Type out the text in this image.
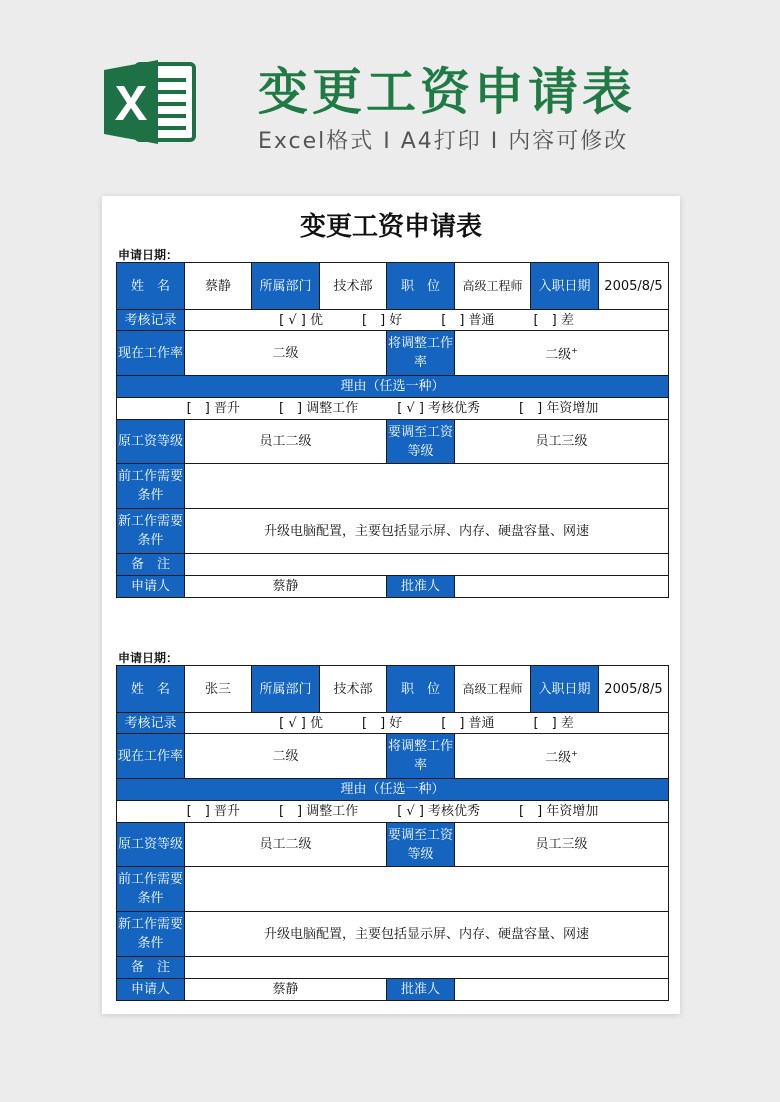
变更工资申请表
Excel格式 I A4打印 I 内容可修改
变更工资申请表
申请日期：
姓　名	蔡静	所属部门	技术部	职　位	高级工程师	入职日期	2005/8/5
考核记录	[ √ ] 优　　　[　] 好　　　[　] 普通　　　[　] 差						
现在工作率	二级			将调整工作率	二级+
理由（任选一种）							
[　] 晋升　　　[　] 调整工作　　　[ √ ] 考核优秀　　　[　] 年资增加							
原工资等级	员工二级			要调至工资等级	员工三级		
前工作需要条件							
新工作需要条件	升级电脑配置，主要包括显示屏、内存、硬盘容量、网速						
备　注							
申请人	蔡静			批准人			
申请日期：
姓　名	张三	所属部门	技术部	职　位	高级工程师	入职日期	2005/8/5
考核记录	[ √ ] 优　　　[　] 好　　　[　] 普通　　　[　] 差						
现在工作率	二级			将调整工作率	二级+
理由（任选一种）							
[　] 晋升　　　[　] 调整工作　　　[ √ ] 考核优秀　　　[　] 年资增加							
原工资等级	员工二级			要调至工资等级	员工三级		
前工作需要条件							
新工作需要条件	升级电脑配置，主要包括显示屏、内存、硬盘容量、网速						
备　注							
申请人	蔡静			批准人			
